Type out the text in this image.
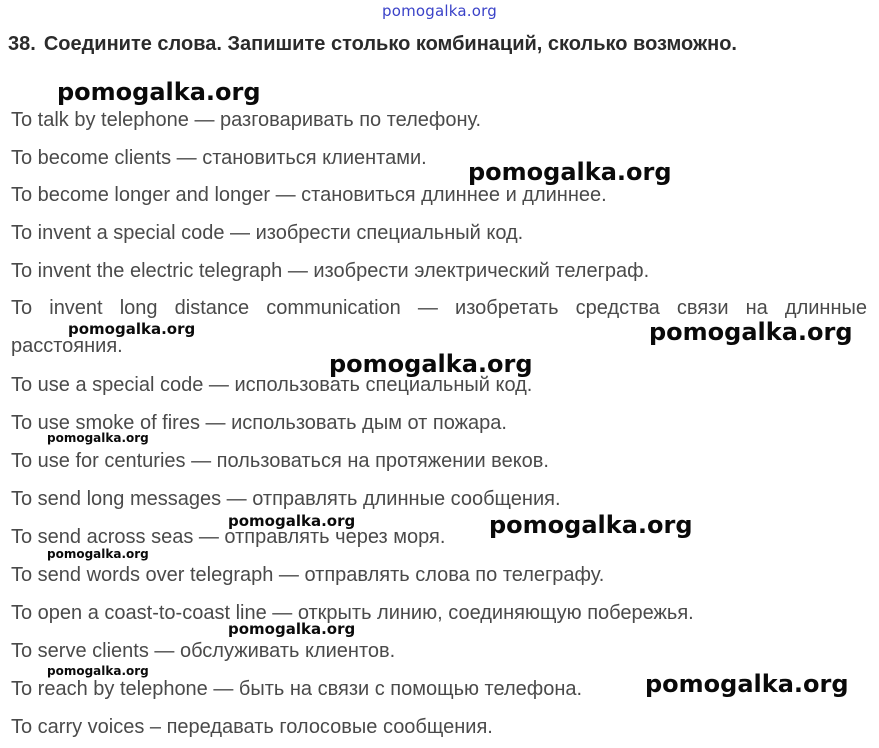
pomogalka.org
38. Соедините слова. Запишите столько комбинаций, сколько возможно.
To talk by telephone — разговаривать по телефону.
To become clients — становиться клиентами.
To become longer and longer — становиться длиннее и длиннее.
To invent a special code — изобрести специальный код.
To invent the electric telegraph — изобрести электрический телеграф.
To invent long distance communication — изобретать средства связи на длинные расстояния.
To use a special code — использовать специальный код.
To use smoke of fires — использовать дым от пожара.
To use for centuries — пользоваться на протяжении веков.
To send long messages — отправлять длинные сообщения.
To send across seas — отправлять через моря.
To send words over telegraph — отправлять слова по телеграфу.
To open a coast-to-coast line — открыть линию, соединяющую побережья.
To serve clients — обслуживать клиентов.
To reach by telephone — быть на связи с помощью телефона.
To carry voices – передавать голосовые сообщения.
pomogalka.org
pomogalka.org
pomogalka.org	pomogalka.org
pomogalka.org
pomogalka.org
pomogalka.org	pomogalka.org
pomogalka.org
pomogalka.org
pomogalka.org	pomogalka.org
